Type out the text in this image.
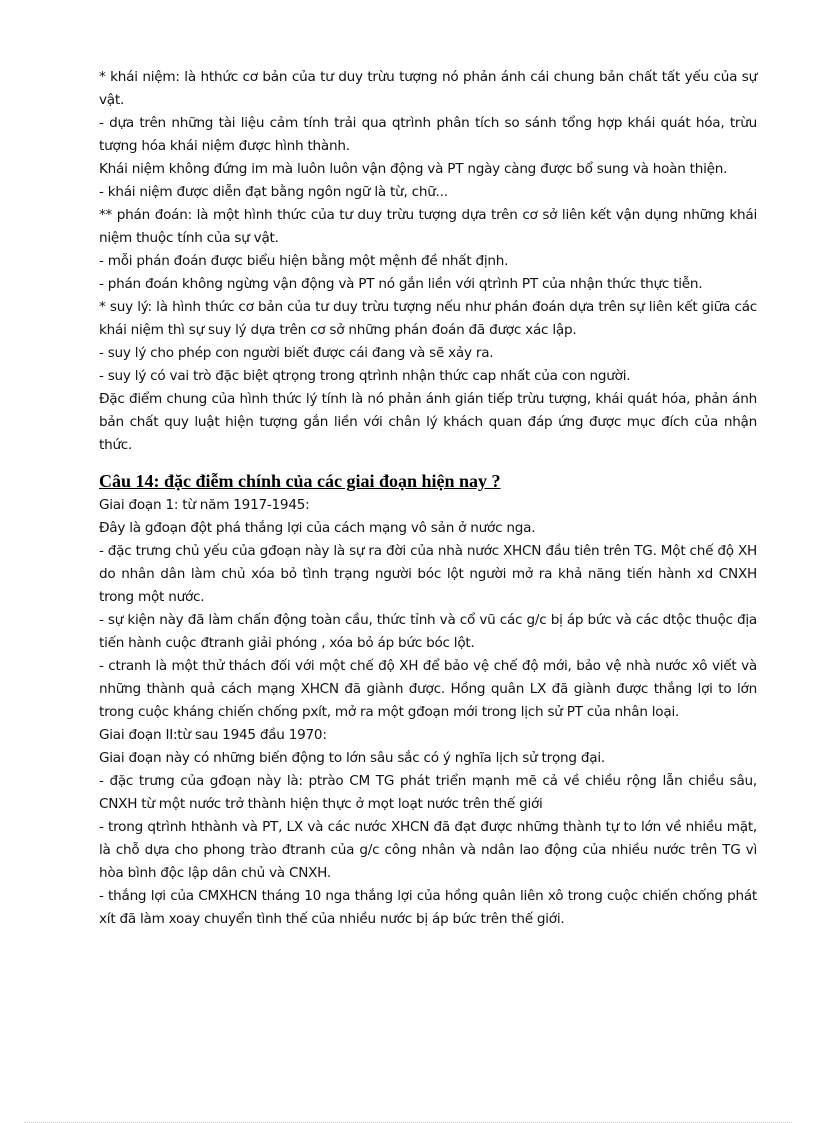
* khái niệm: là hthức cơ bản của tư duy trừu tượng nó phản ánh cái chung bản chất tất yếu của sự vật.

- dựa trên những tài liệu cảm tính trải qua qtrình phân tích so sánh tổng hợp khái quát hóa, trừu tượng hóa khái niệm được hình thành.

Khái niệm không đứng im mà luôn luôn vận động và PT ngày càng được bổ sung và hoàn thiện.

- khái niệm được diễn đạt bằng ngôn ngữ là từ, chữ...

** phán đoán: là một hình thức của tư duy trừu tượng dựa trên cơ sở liên kết vận dụng những khái niệm thuộc tính của sự vật.

- mỗi phán đoán được biểu hiện bằng một mệnh đề nhất định.

- phán đoán không ngừng vận động và PT nó gắn liền với qtrình PT của nhận thức thực tiễn.

* suy lý: là hình thức cơ bản của tư duy trừu tượng nếu như phán đoán dựa trên sự liên kết giữa các khái niệm thì sự suy lý dựa trên cơ sở những phán đoán đã được xác lập.

- suy lý cho phép con người biết được cái đang và sẽ xảy ra.

- suy lý có vai trò đặc biệt qtrọng trong qtrình nhận thức cap nhất của con người.

Đặc điểm chung của hình thức lý tính là nó phản ánh gián tiếp trừu tượng, khái quát hóa, phản ánh bản chất quy luật hiện tượng gắn liền với chân lý khách quan đáp ứng được mục đích của nhận thức.

Câu 14: đặc điễm chính của các giai đoạn hiện nay ?

Giai đoạn 1: từ năm 1917-1945:

Đây là gđoạn đột phá thắng lợi của cách mạng vô sản ở nước nga.

- đặc trưng chủ yếu của gđoạn này là sự ra đời của nhà nước XHCN đầu tiên trên TG. Một chế độ XH do nhân dân làm chủ xóa bỏ tình trạng người bóc lột người mở ra khả năng tiến hành xd CNXH trong một nước.

- sự kiện này đã làm chấn động toàn cầu, thức tỉnh và cổ vũ các g/c bị áp bức và các dtộc thuộc địa tiến hành cuộc đtranh giải phóng , xóa bỏ áp bức bóc lột.

- ctranh là một thử thách đối với một chế độ XH để bảo vệ chế độ mới, bảo vệ nhà nước xô viết và những thành quả cách mạng XHCN đã giành được. Hồng quân LX đã giành được thắng lợi to lớn trong cuộc kháng chiến chống pxít, mở ra một gđoạn mới trong lịch sử PT của nhân loại.

Giai đoạn II:từ sau 1945 đầu 1970:

Giai đoạn này có những biến động to lớn sâu sắc có ý nghĩa lịch sử trọng đại.

- đặc trưng của gđoạn này là: ptrào CM TG phát triển mạnh mẽ cả về chiều rộng lẫn chiều sâu, CNXH từ một nước trở thành hiện thực ở mọt loạt nước trên thế giới

- trong qtrình hthành và PT, LX và các nước XHCN đã đạt được những thành tự to lớn về nhiều mặt, là chỗ dựa cho phong trào đtranh của g/c công nhân và ndân lao động của nhiều nước trên TG vì hòa bình độc lập dân chủ và CNXH.

- thắng lợi của CMXHCN tháng 10 nga thắng lợi của hồng quân liên xô trong cuộc chiến chống phát xít đã làm xoay chuyển tình thế của nhiều nước bị áp bức trên thế giới.
